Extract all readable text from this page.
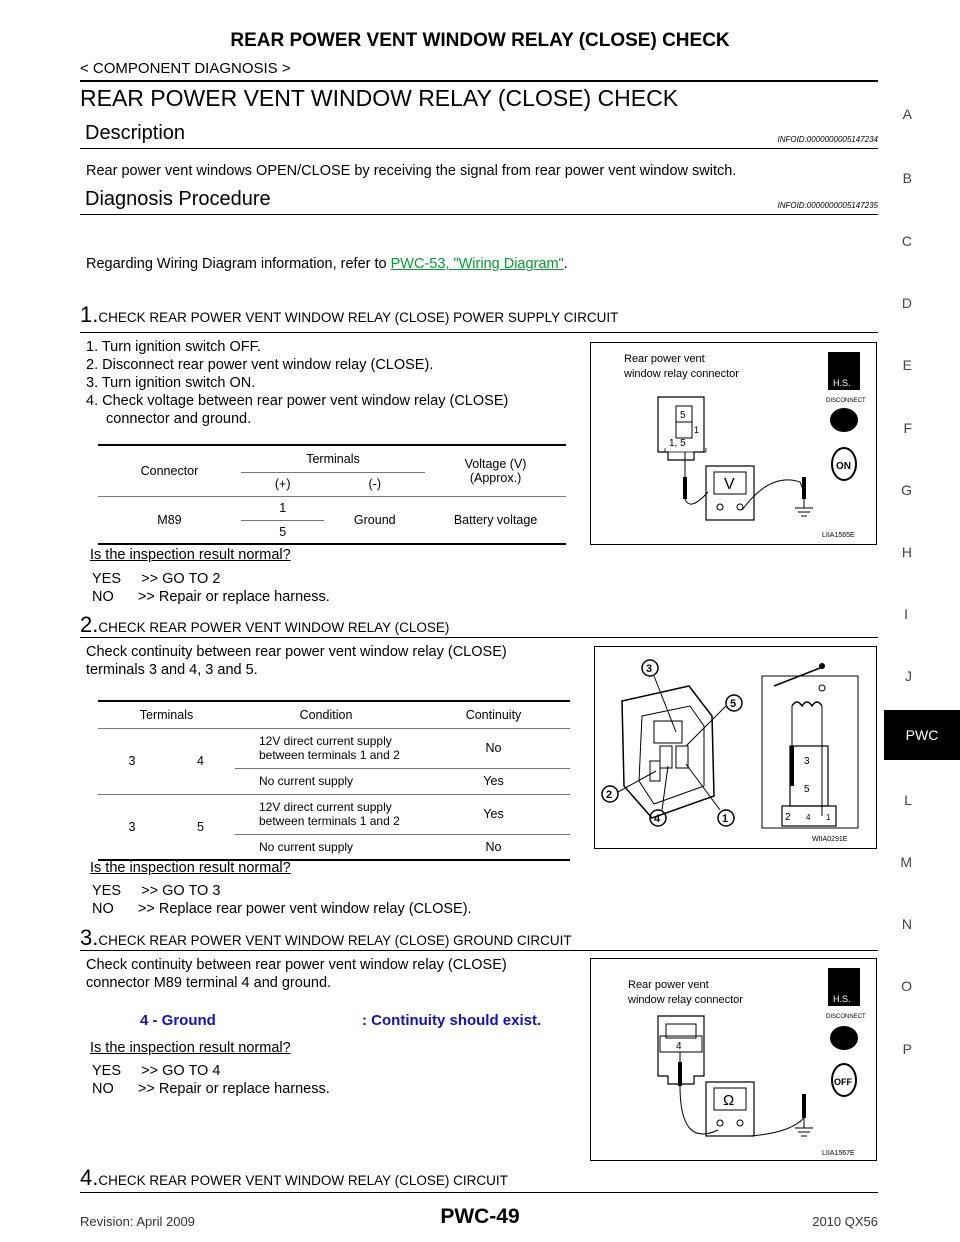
REAR POWER VENT WINDOW RELAY (CLOSE) CHECK
< COMPONENT DIAGNOSIS >
REAR POWER VENT WINDOW RELAY (CLOSE) CHECK
Description	INFOID:0000000005147234
Rear power vent windows OPEN/CLOSE by receiving the signal from rear power vent window switch.
Diagnosis Procedure	INFOID:0000000005147235
Regarding Wiring Diagram information, refer to PWC-53, "Wiring Diagram".
1.CHECK REAR POWER VENT WINDOW RELAY (CLOSE) POWER SUPPLY CIRCUIT
1. Turn ignition switch OFF.
2. Disconnect rear power vent window relay (CLOSE).
3. Turn ignition switch ON.
4. Check voltage between rear power vent window relay (CLOSE)
connector and ground.
Connector	Terminals		Voltage (V)
(Approx.)
	(+)	(-)	
M89	1	Ground	Battery voltage
	5		
Is the inspection result normal?
YES     >> GO TO 2
NO      >> Repair or replace harness.
Rear power vent
window relay connector
5
1
1, 5
V
H.S.
DISCONNECT
ON
LIIA1565E
2.CHECK REAR POWER VENT WINDOW RELAY (CLOSE)
Check continuity between rear power vent window relay (CLOSE)
terminals 3 and 4, 3 and 5.
Terminals		Condition	Continuity
3	4	12V direct current supply
between terminals 1 and 2	No
		No current supply	Yes
3	5	12V direct current supply
between terminals 1 and 2	Yes
		No current supply	No
Is the inspection result normal?
YES     >> GO TO 3
NO      >> Replace rear power vent window relay (CLOSE).
3
5
2
4	1
3
5
2 4 1
WIIA0291E
3.CHECK REAR POWER VENT WINDOW RELAY (CLOSE) GROUND CIRCUIT
Check continuity between rear power vent window relay (CLOSE)
connector M89 terminal 4 and ground.
4 - Ground	: Continuity should exist.
Is the inspection result normal?
YES     >> GO TO 4
NO      >> Repair or replace harness.
Rear power vent
window relay connector
4
Ω
H.S.
DISCONNECT
OFF
LIIA1567E
4.CHECK REAR POWER VENT WINDOW RELAY (CLOSE) CIRCUIT
A
B
C
D
E
F
G
H
I
J
PWC
L
M
N
O
P
Revision: April 2009	PWC-49	2010 QX56
